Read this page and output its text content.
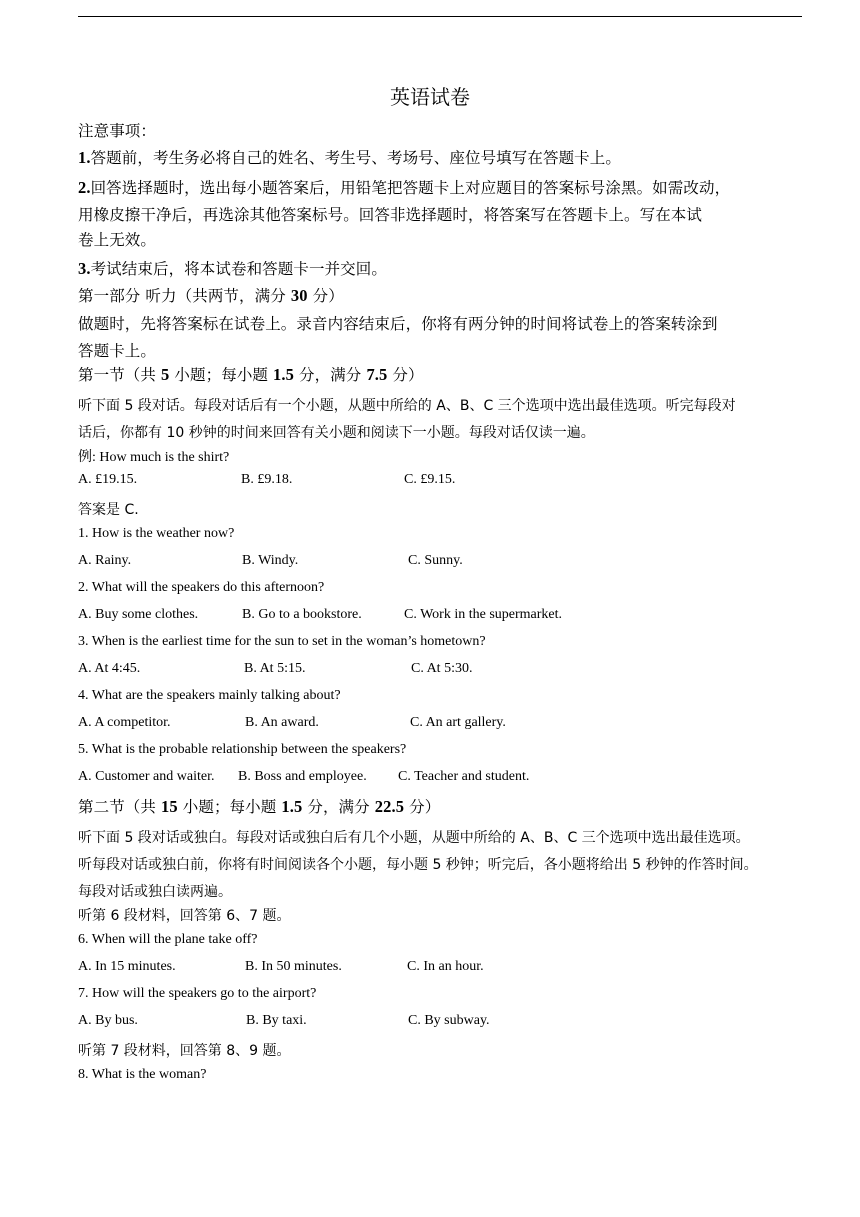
英语试卷
注意事项：
1.答题前，考生务必将自己的姓名、考生号、考场号、座位号填写在答题卡上。
2.回答选择题时，选出每小题答案后，用铅笔把答题卡上对应题目的答案标号涂黑。如需改动，
用橡皮擦干净后，再选涂其他答案标号。回答非选择题时，将答案写在答题卡上。写在本试
卷上无效。
3.考试结束后，将本试卷和答题卡一并交回。
第一部分 听力（共两节，满分 30 分）
做题时，先将答案标在试卷上。录音内容结束后，你将有两分钟的时间将试卷上的答案转涂到
答题卡上。
第一节（共 5 小题；每小题 1.5 分，满分 7.5 分）
听下面 5 段对话。每段对话后有一个小题，从题中所给的 A、B、C 三个选项中选出最佳选项。听完每段对
话后，你都有 10 秒钟的时间来回答有关小题和阅读下一小题。每段对话仅读一遍。
例: How much is the shirt?
A. £19.15.	B. £9.18.	C. £9.15.
答案是 C.
1. How is the weather now?
A. Rainy.	B. Windy.	C. Sunny.
2. What will the speakers do this afternoon?
A. Buy some clothes.	B. Go to a bookstore.	C. Work in the supermarket.
3. When is the earliest time for the sun to set in the woman’s hometown?
A. At 4:45.	B. At 5:15.	C. At 5:30.
4. What are the speakers mainly talking about?
A. A competitor.	B. An award.	C. An art gallery.
5. What is the probable relationship between the speakers?
A. Customer and waiter. B. Boss and employee. C. Teacher and student.
第二节（共 15 小题；每小题 1.5 分，满分 22.5 分）
听下面 5 段对话或独白。每段对话或独白后有几个小题，从题中所给的 A、B、C 三个选项中选出最佳选项。
听每段对话或独白前，你将有时间阅读各个小题，每小题 5 秒钟；听完后，各小题将给出 5 秒钟的作答时间。
每段对话或独白读两遍。
听第 6 段材料，回答第 6、7 题。
6. When will the plane take off?
A. In 15 minutes.	B. In 50 minutes.	C. In an hour.
7. How will the speakers go to the airport?
A. By bus.	B. By taxi.	C. By subway.
听第 7 段材料，回答第 8、9 题。
8. What is the woman?
